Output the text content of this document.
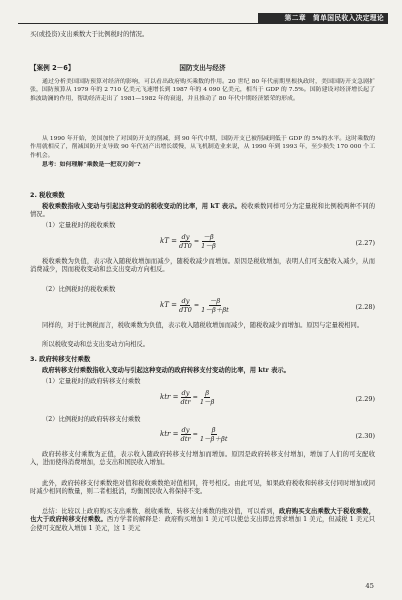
第二章　简单国民收入决定理论

买(或投资)支出乘数大于比例税时的情况。

【案例 2－6】	国防支出与经济

通过分析美国国防预算对经济的影响，可以看出政府购买乘数的作用。20 世纪 80 年代前期里根执政时，美国国防开支急剧扩张，国防预算从 1979 年的 2 710 亿美元飞速增长到 1987 年的 4 090 亿美元，相当于 GDP 的 7.5%。国防建设对经济增长起了推波助澜的作用，帮助经济走出了 1981—1982 年的衰退，并且推动了 80 年代中期经济繁荣的形成。

从 1990 年开始，美国加快了对国防开支的削减，到 90 年代中期，国防开支已被削减到低于 GDP 的 5%的水平。这时乘数的作用就相反了，削减国防开支导致 90 年代初产出增长缓慢，从飞机制造业来说，从 1990 年到 1993 年，至少损失 170 000 个工作机会。

思考：如何理解“乘数是一把双刃剑”?

2. 税收乘数

税收乘数指收入变动与引起这种变动的税收变动的比率，用 kT 表示。税收乘数同样可分为定量税和比例税两种不同的情况。

（1）定量税时的税收乘数

kT = $\frac{dy}{dT0} = \frac{-\beta}{1-\beta}$	(2.27)

税收乘数为负值，表示收入随税收增加而减少，随税收减少而增加。原因是税收增加，表明人们可支配收入减少，从而消费减少，因而税收变动和总支出变动方向相反。

（2）比例税时的税收乘数

kT = $\frac{dy}{dT0} = \frac{-\beta}{1-\beta+\beta t}$	(2.28)

同样的，对于比例税而言，税收乘数为负值，表示收入随税收增加而减少，随税收减少而增加。原因与定量税相同。

所以税收变动和总支出变动方向相反。

3. 政府转移支付乘数

政府转移支付乘数指收入变动与引起这种变动的政府转移支付变动的比率，用 ktr 表示。

（1）定量税时的政府转移支付乘数

ktr = $\frac{dy}{\text{dtr}} = \frac{\beta}{1-\beta}$	(2.29)

（2）比例税时的政府转移支付乘数

ktr = $\frac{dy}{\text{dtr}} = \frac{\beta}{1-\beta+\beta t}$	(2.30)

政府转移支付乘数为正值，表示收入随政府转移支付增加而增加。原因是政府转移支付增加，增加了人们的可支配收入，进而使得消费增加，总支出和国民收入增加。

此外，政府转移支付乘数绝对值和税收乘数绝对值相同，符号相反。由此可见，如果政府税收和转移支付同时增加或同时减少相同的数量，则二者相抵消，均衡国民收入将保持不变。

总结：比较以上政府购买支出乘数、税收乘数、转移支付乘数的绝对值，可以看到，政府购买支出乘数大于税收乘数，也大于政府转移支付乘数。西方学者的解释是：政府购买增加 1 美元可以使总支出即总需求增加 1 美元，但减税 1 美元只会使可支配收入增加 1 美元，这 1 美元

45
